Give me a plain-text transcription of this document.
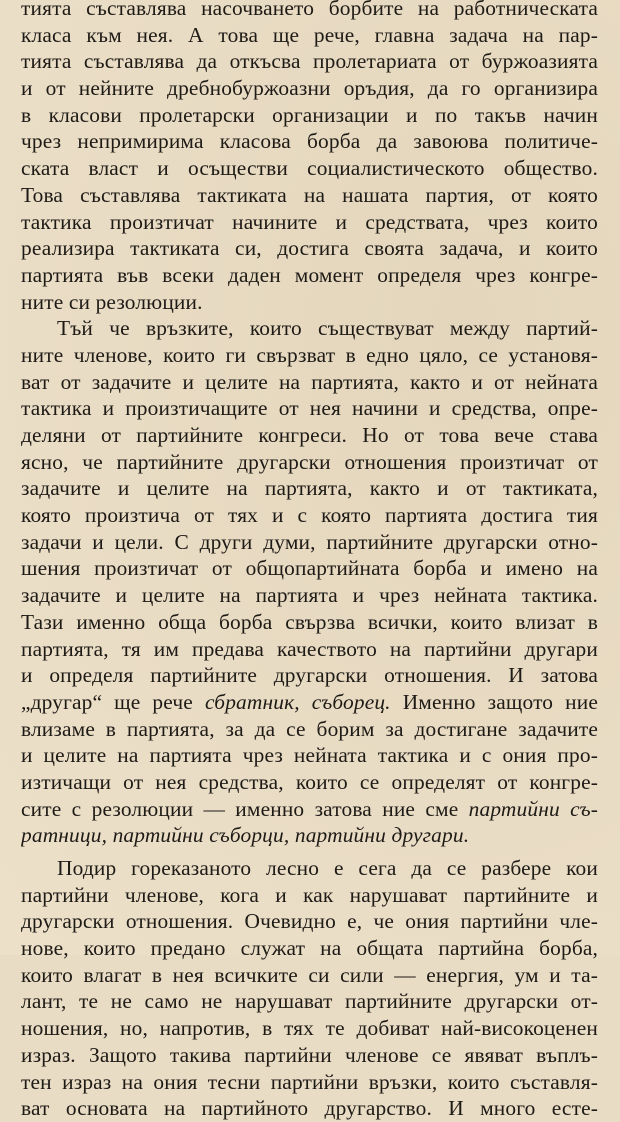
тията съставлява насочването борбите на работническата
класа към нея. А това ще рече, главна задача на пар-
тията съставлява да откъсва пролетариата от буржоазията
и от нейните дребнобуржоазни оръдия, да го организира
в класови пролетарски организации и по такъв начин
чрез непримирима класова борба да завоюва политиче-
ската власт и осъществи социалистическото общество.
Това съставлява тактиката на нашата партия, от която
тактика произтичат начините и средствата, чрез които
реализира тактиката си, достига своята задача, и които
партията във всеки даден момент определя чрез конгре-
ните си резолюции.
Тъй че връзките, които съществуват между партий-
ните членове, които ги свързват в едно цяло, се установя-
ват от задачите и целите на партията, както и от нейната
тактика и произтичащите от нея начини и средства, опре-
деляни от партийните конгреси. Но от това вече става
ясно, че партийните другарски отношения произтичат от
задачите и целите на партията, както и от тактиката,
която произтича от тях и с която партията достига тия
задачи и цели. С други думи, партийните другарски отно-
шения произтичат от общопартийната борба и имено на
задачите и целите на партията и чрез нейната тактика.
Тази именно обща борба свързва всички, които влизат в
партията, тя им предава качеството на партийни другари
и определя партийните другарски отношения. И затова
„другар“ ще рече сбратник, съборец. Именно защото ние
влизаме в партията, за да се борим за достигане задачите
и целите на партията чрез нейната тактика и с ония про-
изтичащи от нея средства, които се определят от конгре-
сите с резолюции — именно затова ние сме партийни съ-
ратници, партийни съборци, партийни другари.
Подир гореказаното лесно е сега да се разбере кои
партийни членове, кога и как нарушават партийните и
другарски отношения. Очевидно е, че ония партийни чле-
нове, които предано служат на общата партийна борба,
които влагат в нея всичките си сили — енергия, ум и та-
лант, те не само не нарушават партийните другарски от-
ношения, но, напротив, в тях те добиват най-високоценен
израз. Защото такива партийни членове се явяват въплъ-
тен израз на ония тесни партийни връзки, които съставля-
ват основата на партийното другарство. И много есте-
